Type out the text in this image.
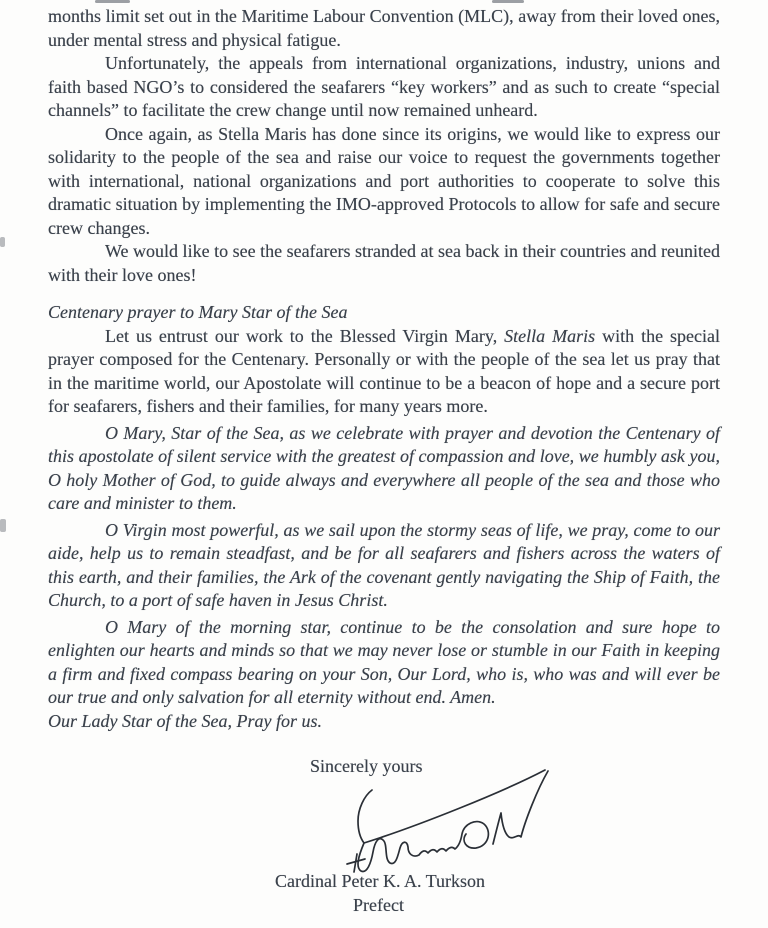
months limit set out in the Maritime Labour Convention (MLC), away from their loved ones, under mental stress and physical fatigue.

Unfortunately, the appeals from international organizations, industry, unions and faith based NGO’s to considered the seafarers “key workers” and as such to create “special channels” to facilitate the crew change until now remained unheard.

Once again, as Stella Maris has done since its origins, we would like to express our solidarity to the people of the sea and raise our voice to request the governments together with international, national organizations and port authorities to cooperate to solve this dramatic situation by implementing the IMO-approved Protocols to allow for safe and secure crew changes.

We would like to see the seafarers stranded at sea back in their countries and reunited with their love ones!

Centenary prayer to Mary Star of the Sea

Let us entrust our work to the Blessed Virgin Mary, Stella Maris with the special prayer composed for the Centenary. Personally or with the people of the sea let us pray that in the maritime world, our Apostolate will continue to be a beacon of hope and a secure port for seafarers, fishers and their families, for many years more.

O Mary, Star of the Sea, as we celebrate with prayer and devotion the Centenary of this apostolate of silent service with the greatest of compassion and love, we humbly ask you, O holy Mother of God, to guide always and everywhere all people of the sea and those who care and minister to them.

O Virgin most powerful, as we sail upon the stormy seas of life, we pray, come to our aide, help us to remain steadfast, and be for all seafarers and fishers across the waters of this earth, and their families, the Ark of the covenant gently navigating the Ship of Faith, the Church, to a port of safe haven in Jesus Christ.

O Mary of the morning star, continue to be the consolation and sure hope to enlighten our hearts and minds so that we may never lose or stumble in our Faith in keeping a firm and fixed compass bearing on your Son, Our Lord, who is, who was and will ever be our true and only salvation for all eternity without end. Amen.

Our Lady Star of the Sea, Pray for us.

Sincerely yours
Cardinal Peter K. A. Turkson
Prefect
